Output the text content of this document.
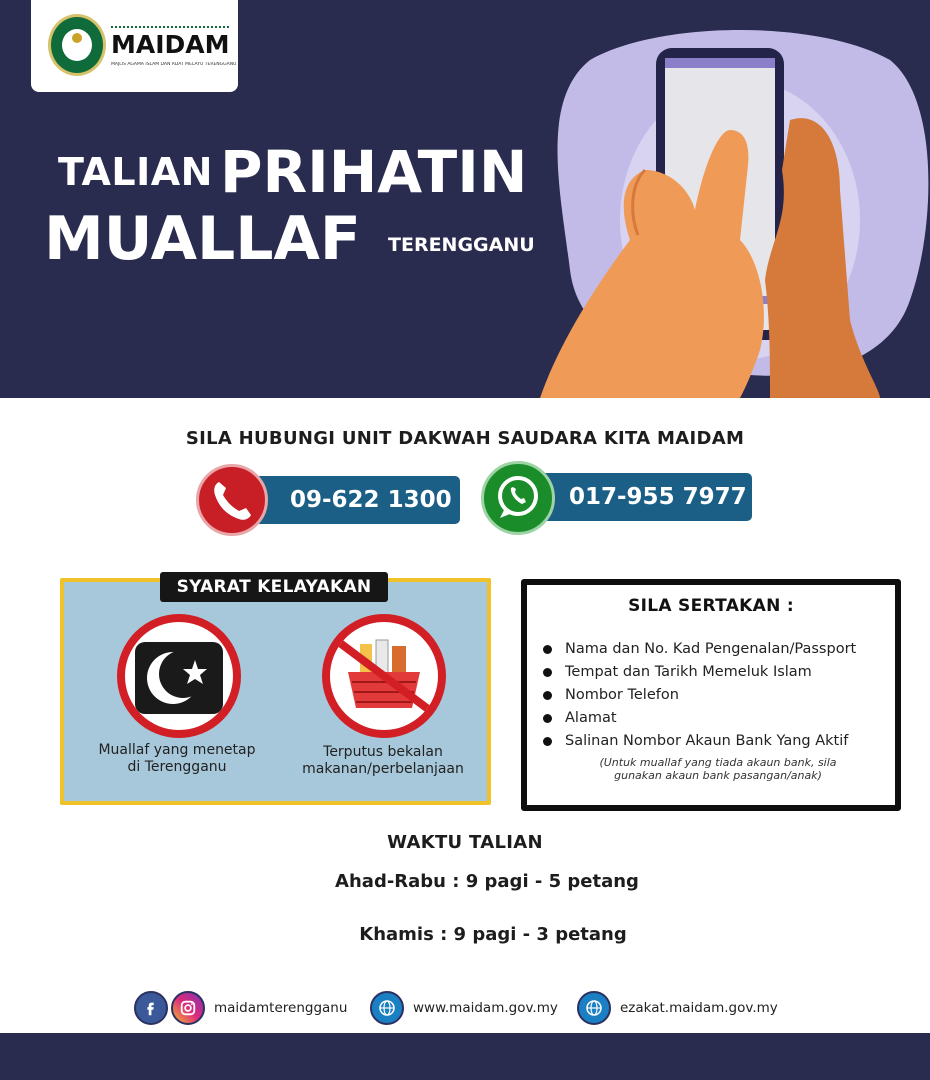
MAIDAM
MAJLIS AGAMA ISLAM DAN ADAT MELAYU TERENGGANU
TALIAN PRIHATIN
MUALLAF TERENGGANU
SILA HUBUNGI UNIT DAKWAH SAUDARA KITA MAIDAM
09-622 1300	017-955 7977
SYARAT KELAYAKAN
Muallaf yang menetap
di Terengganu
Terputus bekalan
makanan/perbelanjaan
SILA SERTAKAN :
Nama dan No. Kad Pengenalan/Passport
Tempat dan Tarikh Memeluk Islam
Nombor Telefon
Alamat
Salinan Nombor Akaun Bank Yang Aktif
(Untuk muallaf yang tiada akaun bank, sila
gunakan akaun bank pasangan/anak)
WAKTU TALIAN
Ahad-Rabu : 9 pagi - 5 petang
Khamis : 9 pagi - 3 petang
maidamterengganu	www.maidam.gov.my	ezakat.maidam.gov.my
